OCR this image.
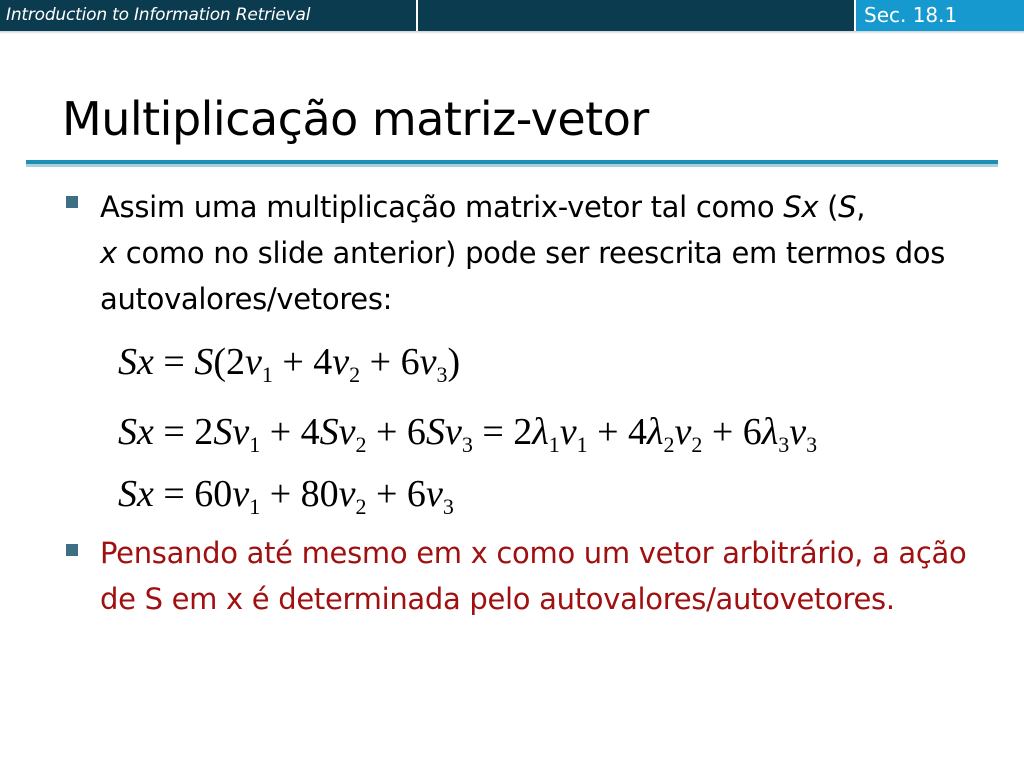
Introduction to Information Retrieval	Sec. 18.1
Multiplicação matriz-vetor
Assim uma multiplicação matrix-vetor tal como Sx (S,
x como no slide anterior) pode ser reescrita em termos dos autovalores/vetores:
$Sx = S(2v_1 + 4v_2 + 6v_3)$
$Sx = 2Sv_1 + 4Sv_2 + 6Sv_3 = 2\lambda_1v_1 + 4\lambda_2v_2 + 6\lambda_3v_3$
$Sx = 60v_1 + 80v_2 + 6v_3$
Pensando até mesmo em x como um vetor arbitrário, a ação de S em x é determinada pelo autovalores/autovetores.
